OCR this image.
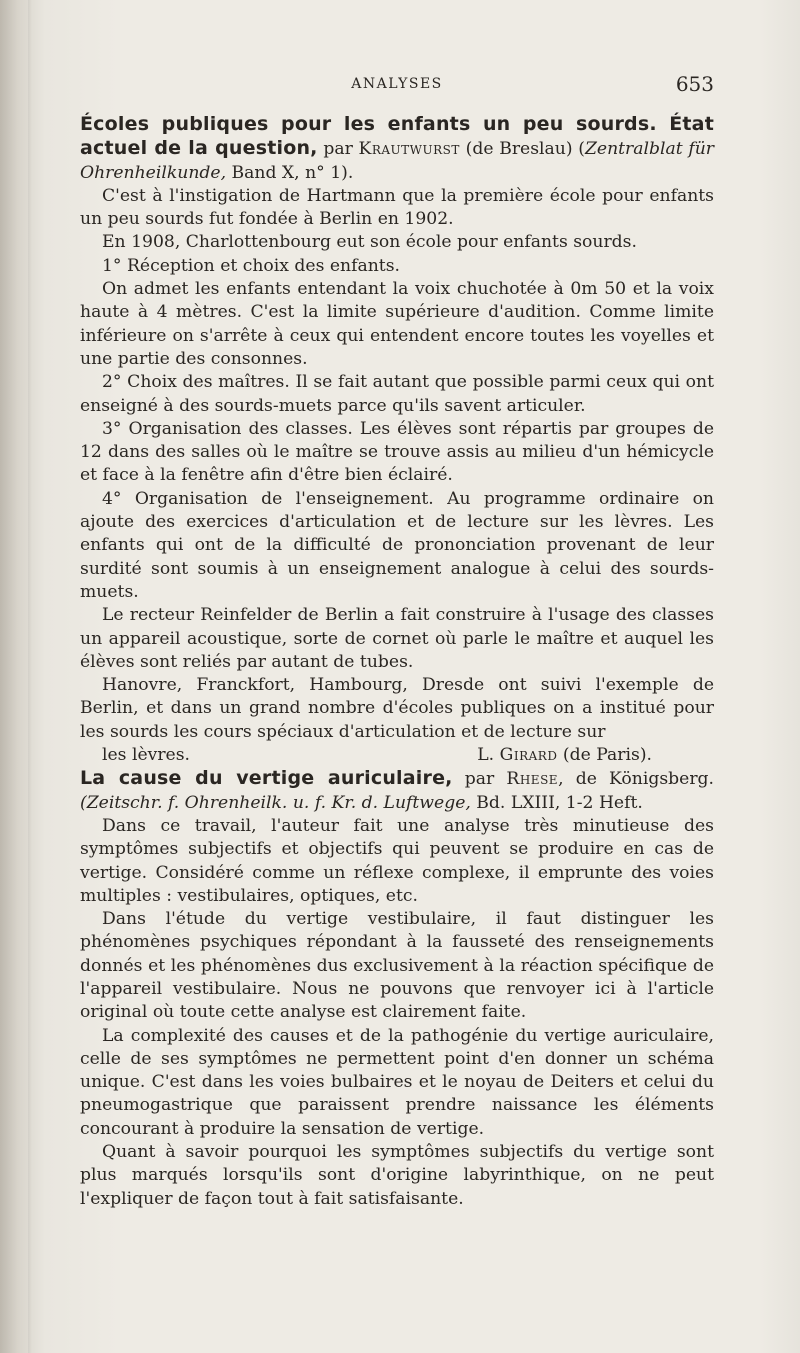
ANALYSES	653

Écoles publiques pour les enfants un peu sourds. État actuel de la question, par Krautwurst (de Breslau) (Zentralblat für Ohrenheilkunde, Band X, n° 1).

C'est à l'instigation de Hartmann que la première école pour enfants un peu sourds fut fondée à Berlin en 1902.

En 1908, Charlottenbourg eut son école pour enfants sourds.

1° Réception et choix des enfants.

On admet les enfants entendant la voix chuchotée à 0m 50 et la voix haute à 4 mètres. C'est la limite supérieure d'audition. Comme limite inférieure on s'arrête à ceux qui entendent encore toutes les voyelles et une partie des consonnes.

2° Choix des maîtres. Il se fait autant que possible parmi ceux qui ont enseigné à des sourds-muets parce qu'ils savent articuler.

3° Organisation des classes. Les élèves sont répartis par groupes de 12 dans des salles où le maître se trouve assis au milieu d'un hémicycle et face à la fenêtre afin d'être bien éclairé.

4° Organisation de l'enseignement. Au programme ordinaire on ajoute des exercices d'articulation et de lecture sur les lèvres. Les enfants qui ont de la difficulté de prononciation provenant de leur surdité sont soumis à un enseignement analogue à celui des sourds-muets.

Le recteur Reinfelder de Berlin a fait construire à l'usage des classes un appareil acoustique, sorte de cornet où parle le maître et auquel les élèves sont reliés par autant de tubes.

Hanovre, Franckfort, Hambourg, Dresde ont suivi l'exemple de Berlin, et dans un grand nombre d'écoles publiques on a institué pour les sourds les cours spéciaux d'articulation et de lecture sur

les lèvres.	L. Girard (de Paris).

La cause du vertige auriculaire, par Rhese, de Königsberg. (Zeitschr. f. Ohrenheilk. u. f. Kr. d. Luftwege, Bd. LXIII, 1-2 Heft.

Dans ce travail, l'auteur fait une analyse très minutieuse des symptômes subjectifs et objectifs qui peuvent se produire en cas de vertige. Considéré comme un réflexe complexe, il emprunte des voies multiples : vestibulaires, optiques, etc.

Dans l'étude du vertige vestibulaire, il faut distinguer les phénomènes psychiques répondant à la fausseté des renseignements donnés et les phénomènes dus exclusivement à la réaction spécifique de l'appareil vestibulaire. Nous ne pouvons que renvoyer ici à l'article original où toute cette analyse est clairement faite.

La complexité des causes et de la pathogénie du vertige auriculaire, celle de ses symptômes ne permettent point d'en donner un schéma unique. C'est dans les voies bulbaires et le noyau de Deiters et celui du pneumogastrique que paraissent prendre naissance les éléments concourant à produire la sensation de vertige.

Quant à savoir pourquoi les symptômes subjectifs du vertige sont plus marqués lorsqu'ils sont d'origine labyrinthique, on ne peut l'expliquer de façon tout à fait satisfaisante.
